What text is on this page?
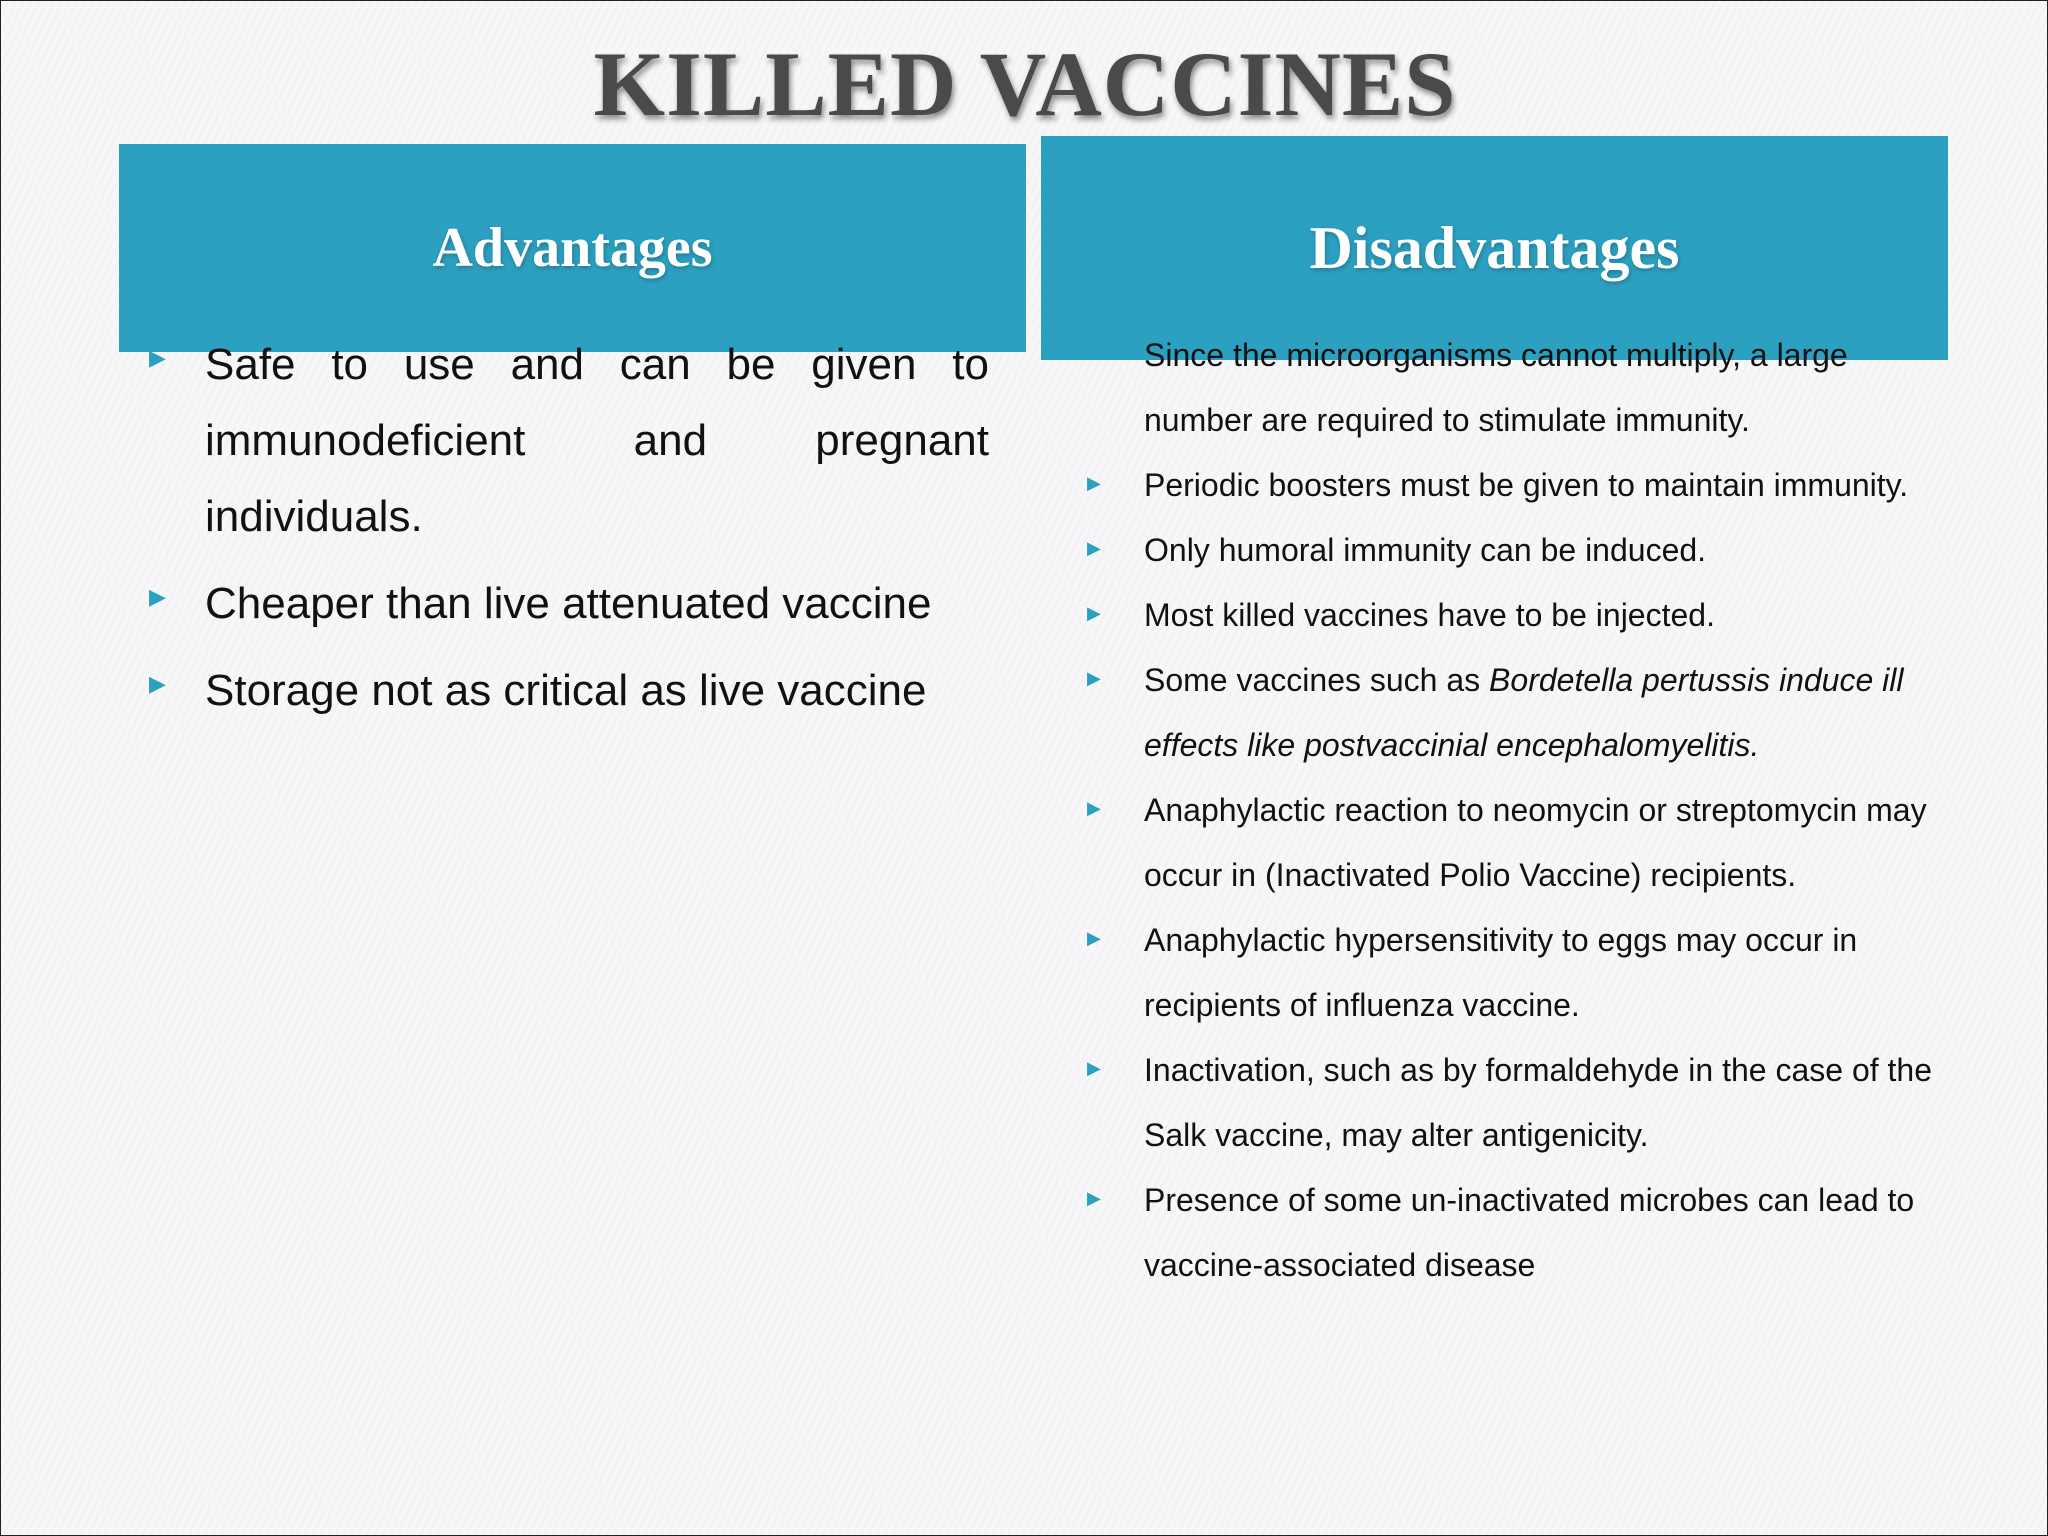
KILLED VACCINES
Advantages	Disadvantages
▶ Safe to use and can be given to immunodeficient and pregnant individuals.
▶ Cheaper than live attenuated vaccine
▶ Storage not as critical as live vaccine
Since the microorganisms cannot multiply, a large number are required to stimulate immunity.
▶ Periodic boosters must be given to maintain immunity.
▶ Only humoral immunity can be induced.
▶ Most killed vaccines have to be injected.
▶ Some vaccines such as Bordetella pertussis induce ill effects like postvaccinial encephalomyelitis.
▶ Anaphylactic reaction to neomycin or streptomycin may occur in (Inactivated Polio Vaccine) recipients.
▶ Anaphylactic hypersensitivity to eggs may occur in recipients of influenza vaccine.
▶ Inactivation, such as by formaldehyde in the case of the Salk vaccine, may alter antigenicity.
▶ Presence of some un-inactivated microbes can lead to vaccine-associated disease
